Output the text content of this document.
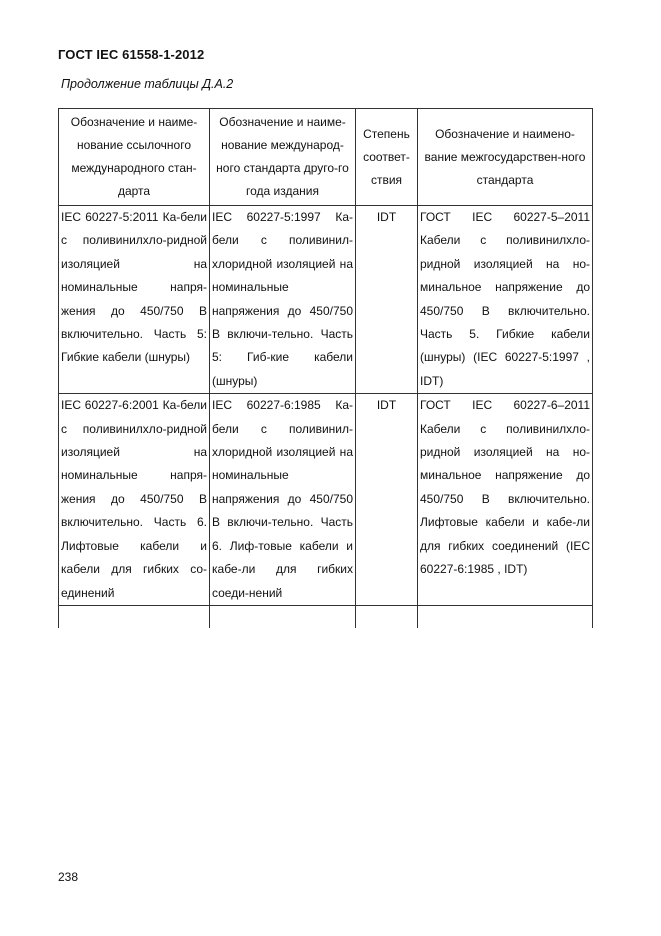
ГОСТ IEC 61558-1-2012
Продолжение таблицы Д.А.2
Обозначение и наиме-нование ссылочного международного стан-дарта	Обозначение и наиме-нование международ-ного стандарта друго-го года издания	Степень соответ-ствия	Обозначение и наимено-вание межгосударствен-ного стандарта
IEC 60227-5:2011 Ка-бели с поливинилхло-ридной изоляцией на номинальные напря-жения до 450/750 В включительно. Часть 5: Гибкие кабели (шнуры)	IEC 60227-5:1997 Ка-бели с поливинил-хлоридной изоляцией на номинальные напряжения до 450/750 В включи-тельно. Часть 5: Гиб-кие кабели (шнуры)	IDT	ГОСТ IEC 60227-5–2011 Кабели с поливинилхло-ридной изоляцией на но-минальное напряжение до 450/750 В включительно. Часть 5. Гибкие кабели (шнуры) (IEC 60227-5:1997 , IDT)
IEC 60227-6:2001 Ка-бели с поливинилхло-ридной изоляцией на номинальные напря-жения до 450/750 В включительно. Часть 6. Лифтовые кабели и кабели для гибких со-единений	IEC 60227-6:1985 Ка-бели с поливинил-хлоридной изоляцией на номинальные напряжения до 450/750 В включи-тельно. Часть 6. Лиф-товые кабели и кабе-ли для гибких соеди-нений	IDT	ГОСТ IEC 60227-6–2011 Кабели с поливинилхло-ридной изоляцией на но-минальное напряжение до 450/750 В включительно. Лифтовые кабели и кабе-ли для гибких соединений (IEC 60227-6:1985 , IDT)

238
